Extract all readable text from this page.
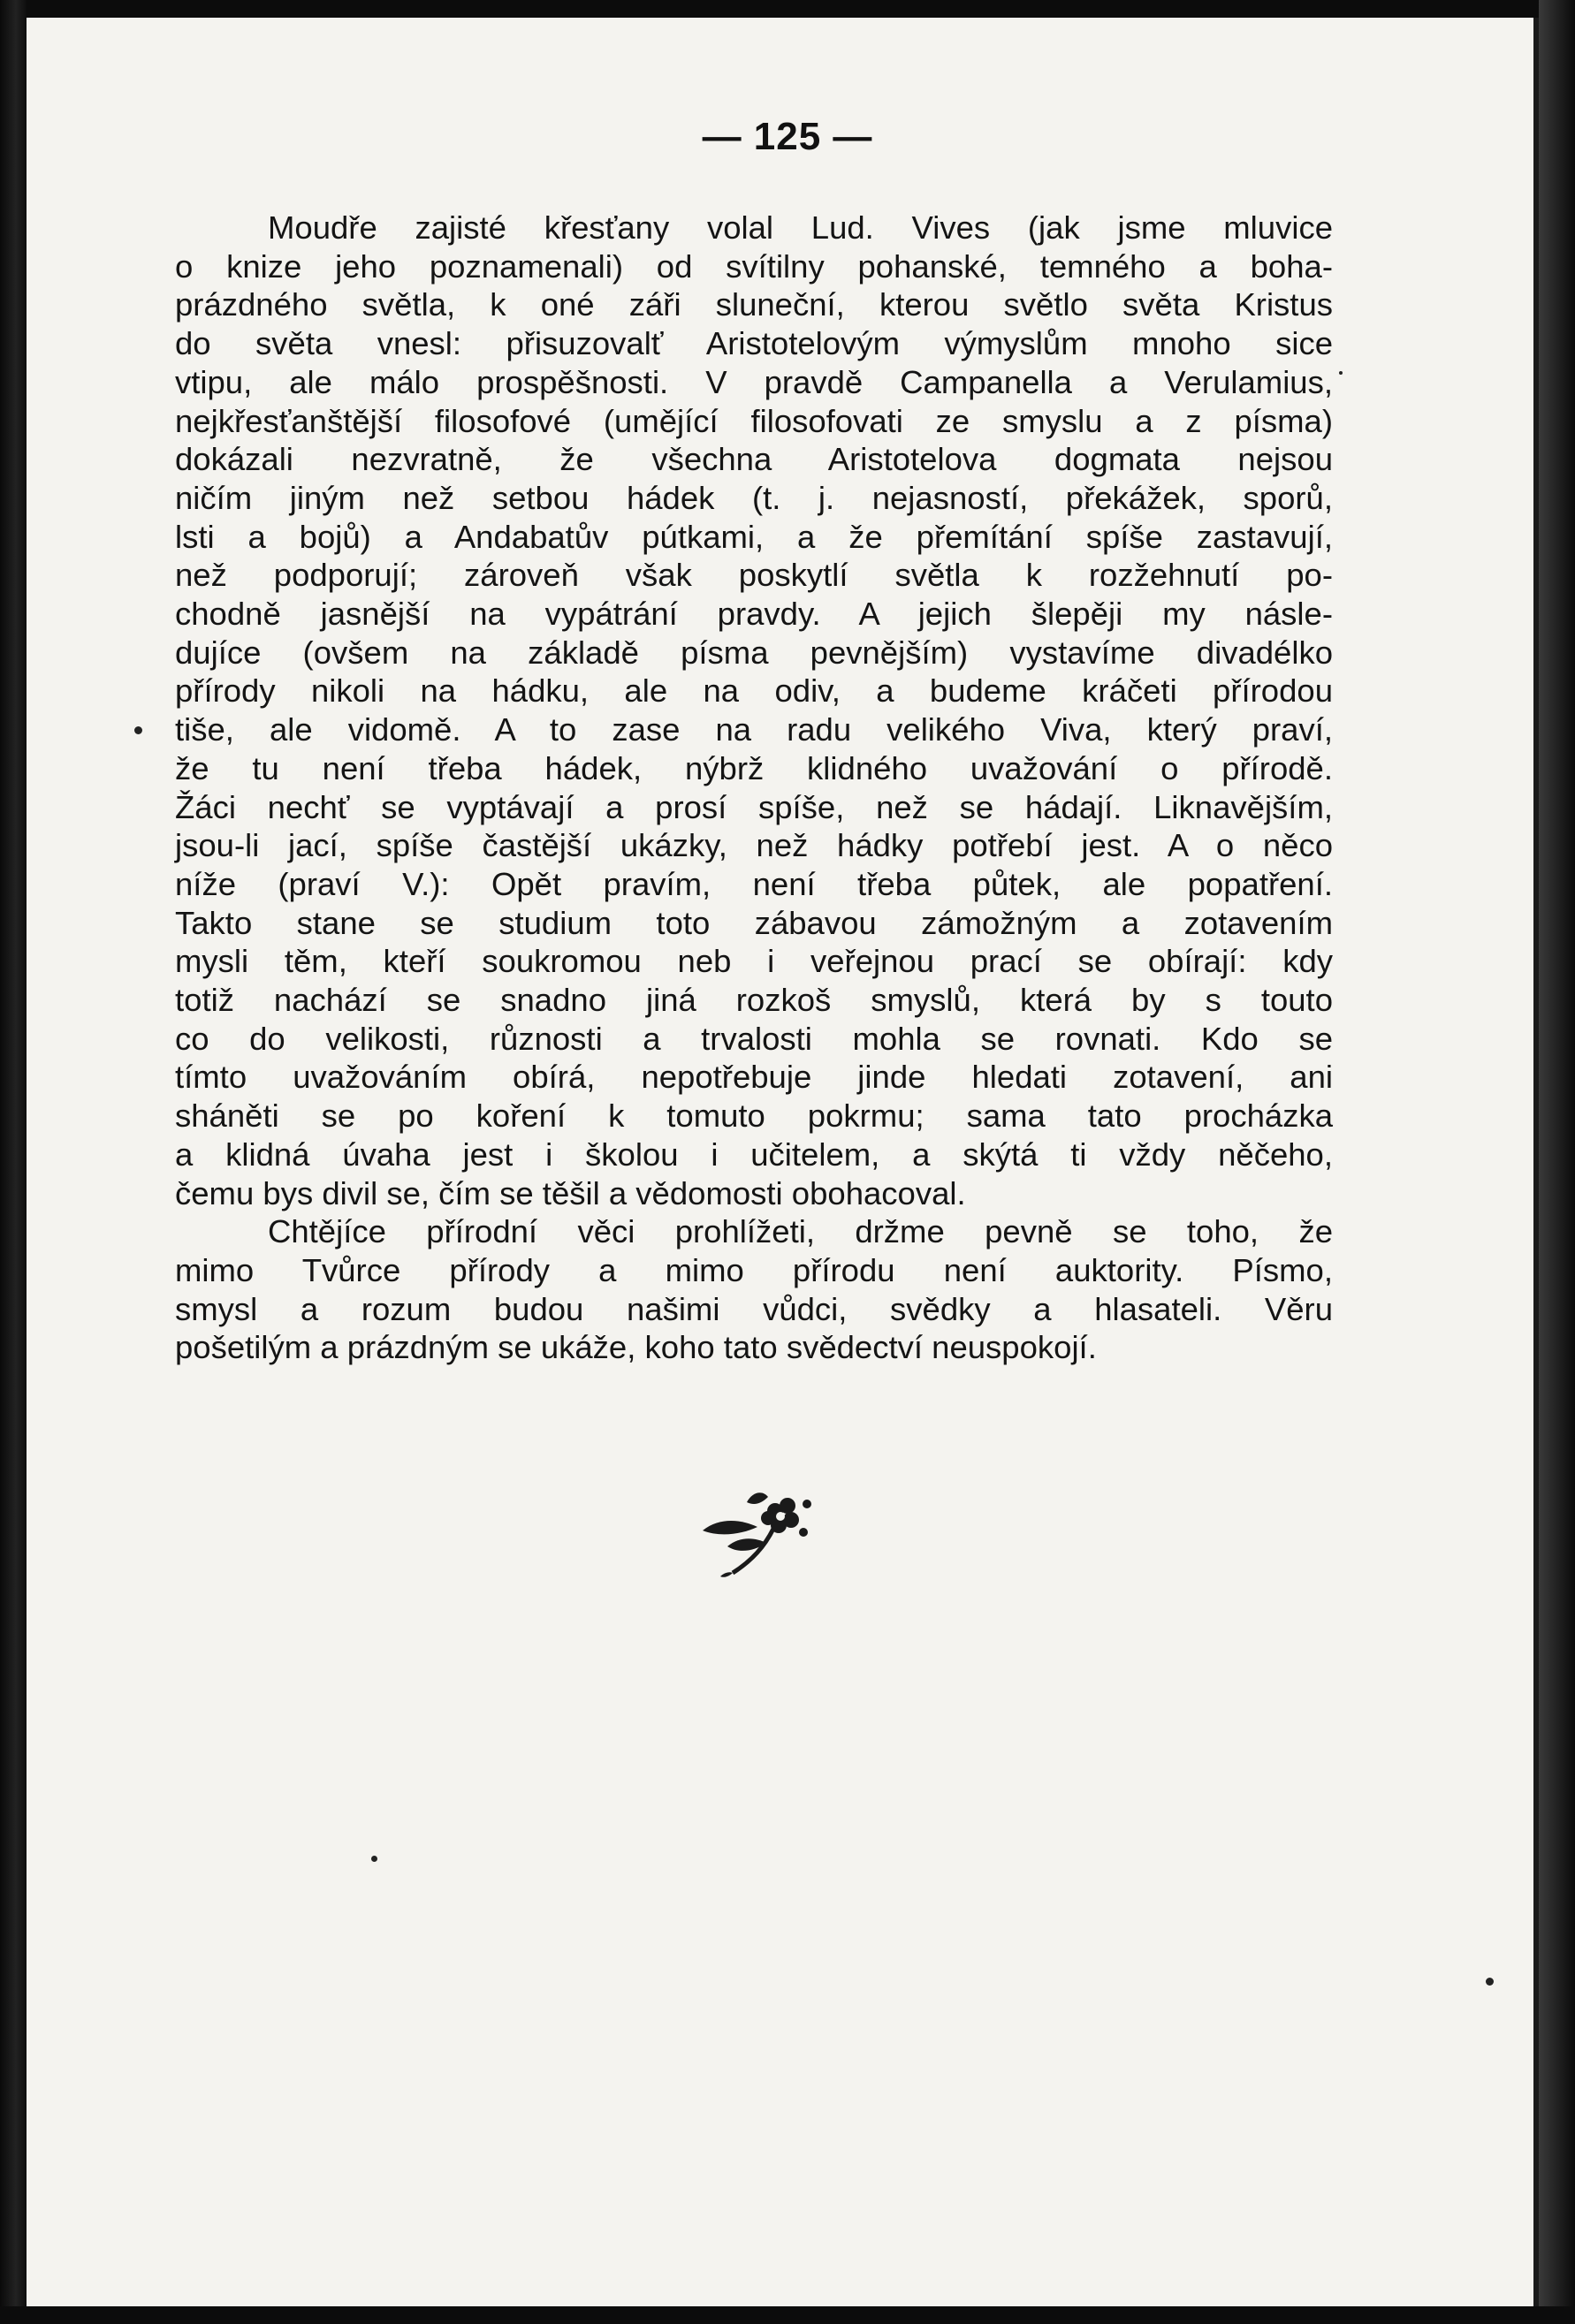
— 125 —
Moudře zajisté křesťany volal Lud. Vives (jak jsme mluvice
o knize jeho poznamenali) od svítilny pohanské, temného a boha-
prázdného světla, k oné záři sluneční, kterou světlo světa Kristus
do světa vnesl: přisuzovalť Aristotelovým výmyslům mnoho sice
vtipu, ale málo prospěšnosti. V pravdě Campanella a Verulamius,
nejkřesťanštější filosofové (umějící filosofovati ze smyslu a z písma)
dokázali nezvratně, že všechna Aristotelova dogmata nejsou
ničím jiným než setbou hádek (t. j. nejasností, překážek, sporů,
lsti a bojů) a Andabatův pútkami, a že přemítání spíše zastavují,
než podporují; zároveň však poskytlí světla k rozžehnutí po-
chodně jasnější na vypátrání pravdy. A jejich šlepěji my násle-
dujíce (ovšem na základě písma pevnějším) vystavíme divadélko
přírody nikoli na hádku, ale na odiv, a budeme kráčeti přírodou
tiše, ale vidomě. A to zase na radu velikého Viva, který praví,
že tu není třeba hádek, nýbrž klidného uvažování o přírodě.
Žáci nechť se vyptávají a prosí spíše, než se hádají. Liknavějším,
jsou-li jací, spíše častější ukázky, než hádky potřebí jest. A o něco
níže (praví V.): Opět pravím, není třeba půtek, ale popatření.
Takto stane se studium toto zábavou zámožným a zotavením
mysli těm, kteří soukromou neb i veřejnou prací se obírají: kdy
totiž nachází se snadno jiná rozkoš smyslů, která by s touto
co do velikosti, různosti a trvalosti mohla se rovnati. Kdo se
tímto uvažováním obírá, nepotřebuje jinde hledati zotavení, ani
sháněti se po koření k tomuto pokrmu; sama tato procházka
a klidná úvaha jest i školou i učitelem, a skýtá ti vždy něčeho,
čemu bys divil se, čím se těšil a vědomosti obohacoval.
Chtějíce přírodní věci prohlížeti, držme pevně se toho, že
mimo Tvůrce přírody a mimo přírodu není auktority. Písmo,
smysl a rozum budou našimi vůdci, svědky a hlasateli. Věru
pošetilým a prázdným se ukáže, koho tato svědectví neuspokojí.
